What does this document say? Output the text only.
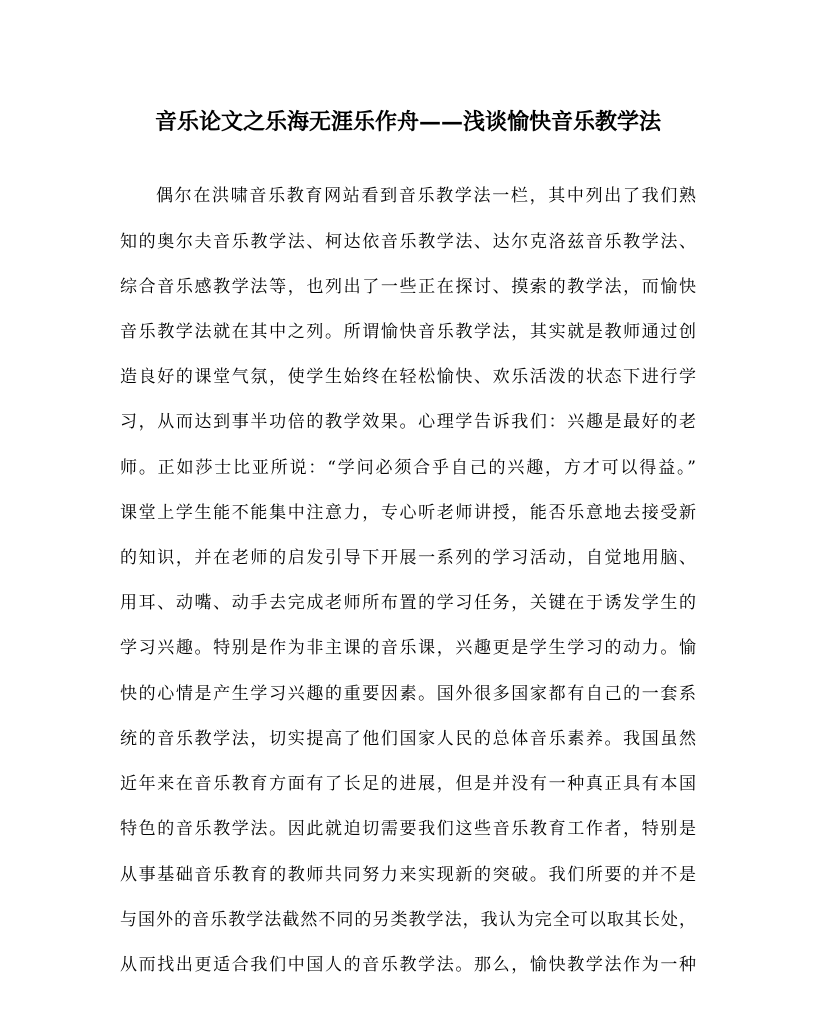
音乐论文之乐海无涯乐作舟——浅谈愉快音乐教学法

偶尔在洪啸音乐教育网站看到音乐教学法一栏，其中列出了我们熟

知的奥尔夫音乐教学法、柯达依音乐教学法、达尔克洛兹音乐教学法、

综合音乐感教学法等，也列出了一些正在探讨、摸索的教学法，而愉快

音乐教学法就在其中之列。所谓愉快音乐教学法，其实就是教师通过创

造良好的课堂气氛，使学生始终在轻松愉快、欢乐活泼的状态下进行学

习，从而达到事半功倍的教学效果。心理学告诉我们：兴趣是最好的老

师。正如莎士比亚所说：“学问必须合乎自己的兴趣，方才可以得益。”

课堂上学生能不能集中注意力，专心听老师讲授，能否乐意地去接受新

的知识，并在老师的启发引导下开展一系列的学习活动，自觉地用脑、

用耳、动嘴、动手去完成老师所布置的学习任务，关键在于诱发学生的

学习兴趣。特别是作为非主课的音乐课，兴趣更是学生学习的动力。愉

快的心情是产生学习兴趣的重要因素。国外很多国家都有自己的一套系

统的音乐教学法，切实提高了他们国家人民的总体音乐素养。我国虽然

近年来在音乐教育方面有了长足的进展，但是并没有一种真正具有本国

特色的音乐教学法。因此就迫切需要我们这些音乐教育工作者，特别是

从事基础音乐教育的教师共同努力来实现新的突破。我们所要的并不是

与国外的音乐教学法截然不同的另类教学法，我认为完全可以取其长处，

从而找出更适合我们中国人的音乐教学法。那么，愉快教学法作为一种
